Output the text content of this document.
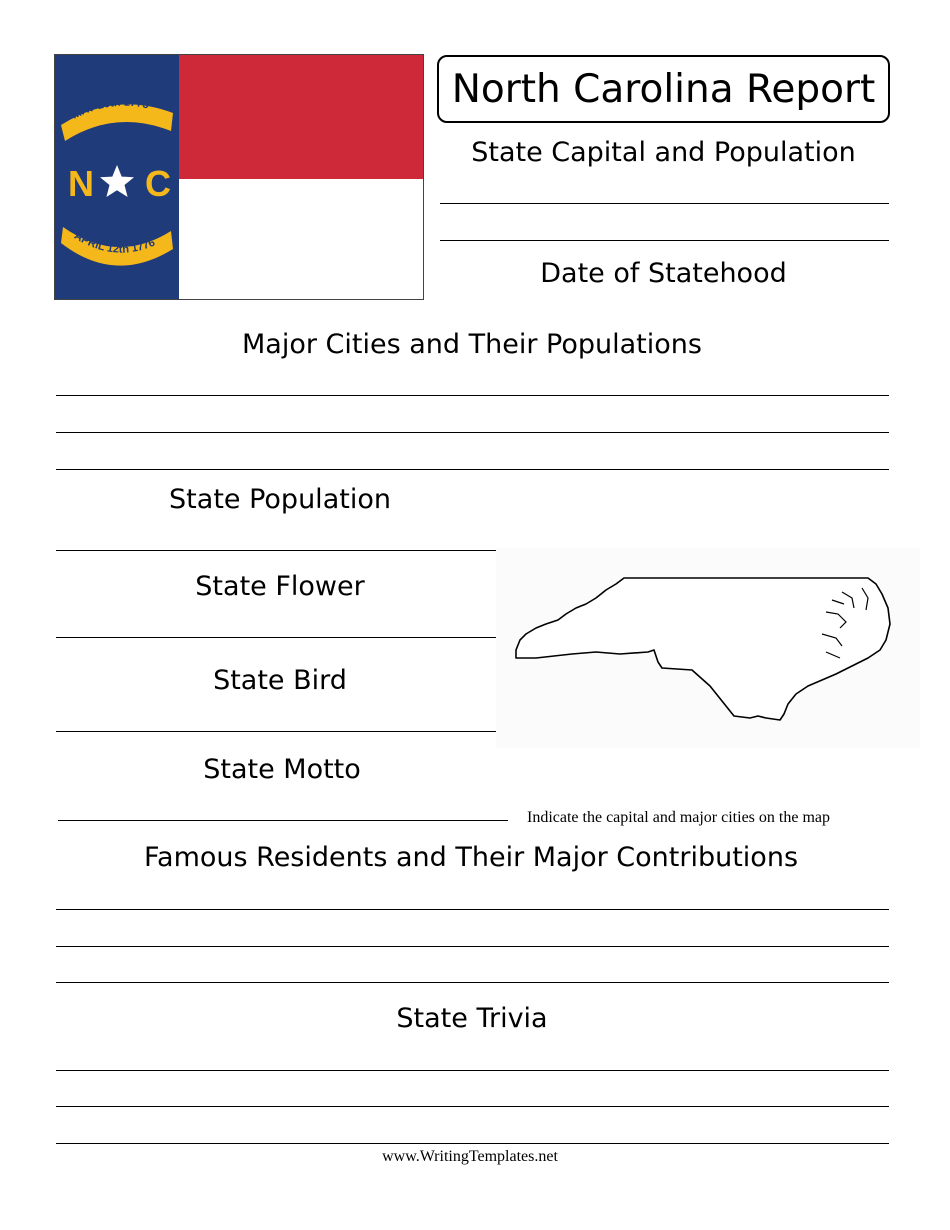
MAY 20th 1775
APRIL 12th 1776
N C
North Carolina Report
State Capital and Population
Date of Statehood
Major Cities and Their Populations
State Population
State Flower
State Bird
State Motto
Indicate the capital and major cities on the map
Famous Residents and Their Major Contributions
State Trivia
www.WritingTemplates.net
